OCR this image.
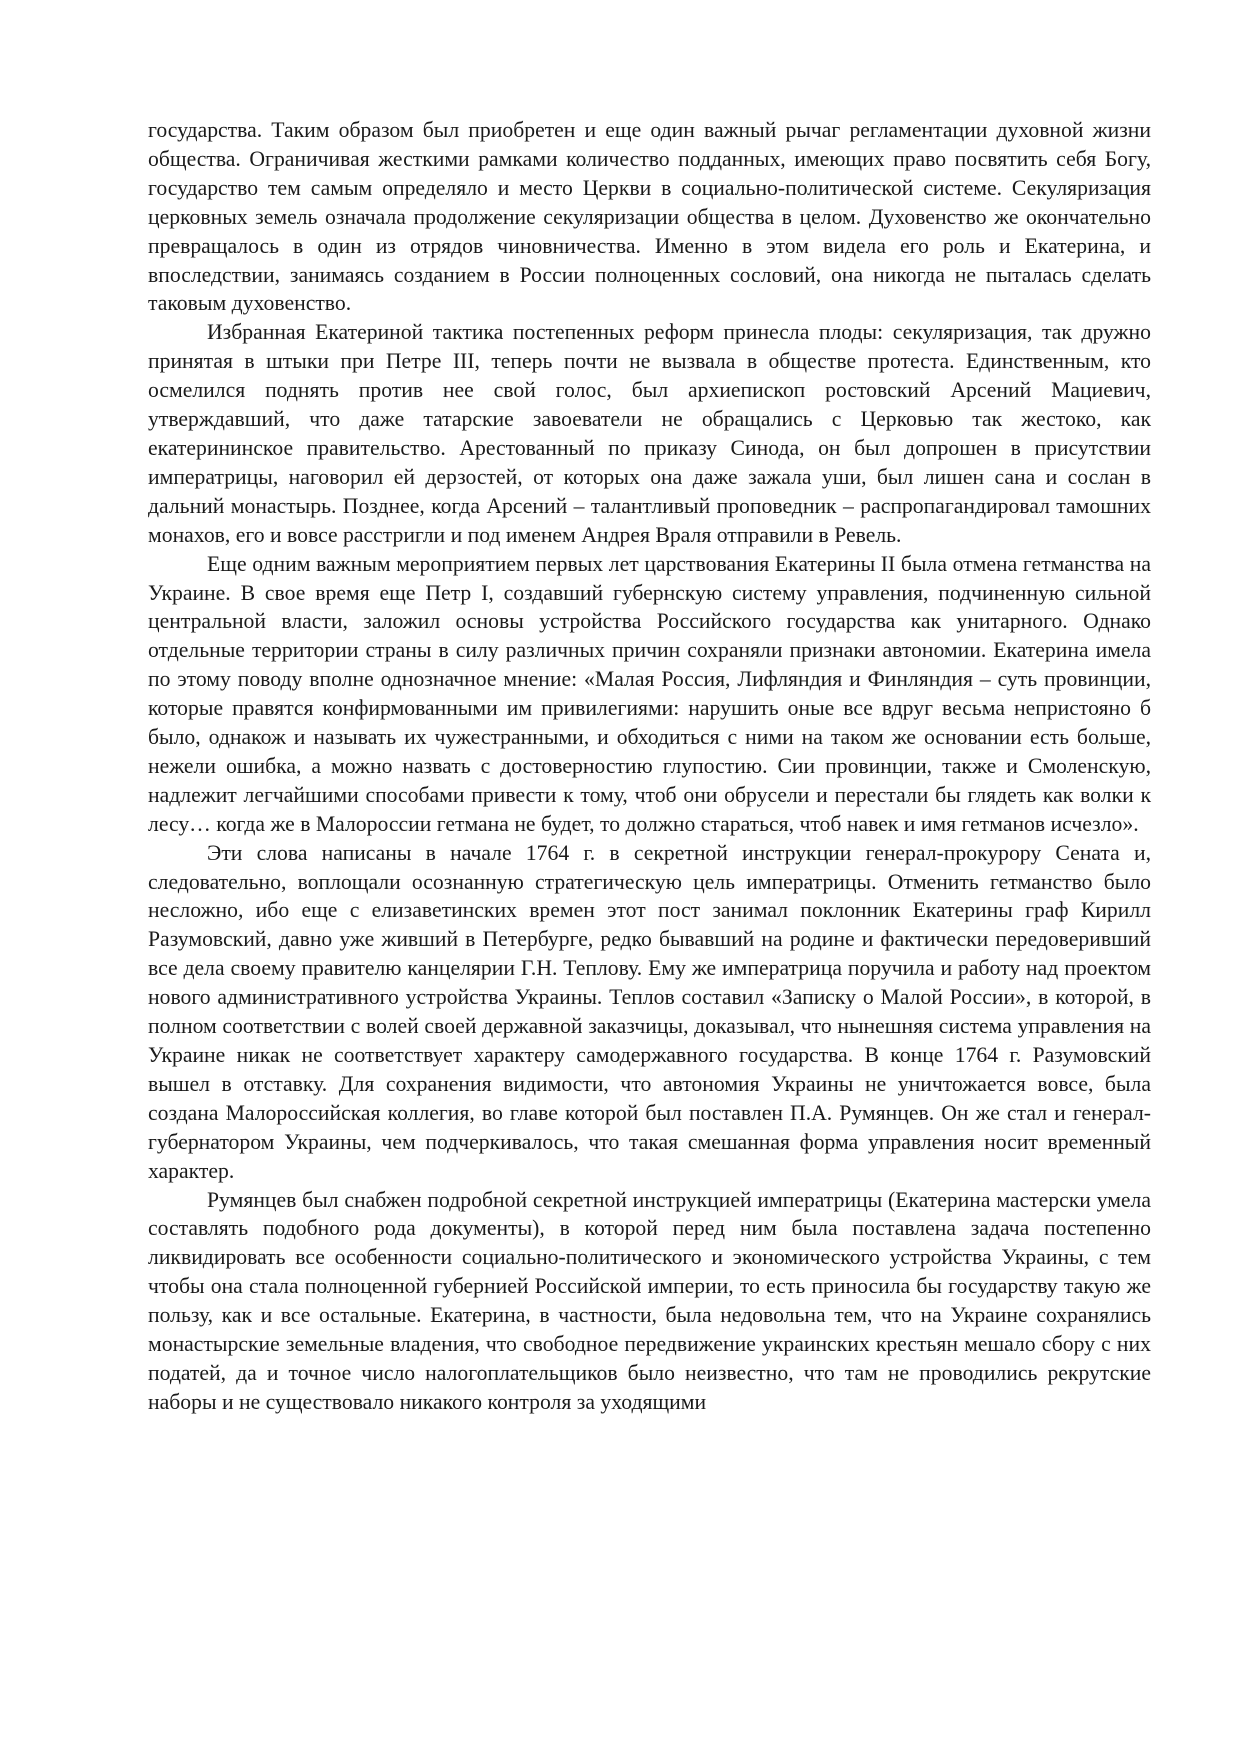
государства. Таким образом был приобретен и еще один важный рычаг регламентации духовной жизни общества. Ограничивая жесткими рамками количество подданных, имеющих право посвятить себя Богу, государство тем самым определяло и место Церкви в социально-политической системе. Секуляризация церковных земель означала продолжение секуляризации общества в целом. Духовенство же окончательно превращалось в один из отрядов чиновничества. Именно в этом видела его роль и Екатерина, и впоследствии, занимаясь созданием в России полноценных сословий, она никогда не пыталась сделать таковым духовенство.

Избранная Екатериной тактика постепенных реформ принесла плоды: секуляризация, так дружно принятая в штыки при Петре III, теперь почти не вызвала в обществе протеста. Единственным, кто осмелился поднять против нее свой голос, был архиепископ ростовский Арсений Мациевич, утверждавший, что даже татарские завоеватели не обращались с Церковью так жестоко, как екатерининское правительство. Арестованный по приказу Синода, он был допрошен в присутствии императрицы, наговорил ей дерзостей, от которых она даже зажала уши, был лишен сана и сослан в дальний монастырь. Позднее, когда Арсений – талантливый проповедник – распропагандировал тамошних монахов, его и вовсе расстригли и под именем Андрея Враля отправили в Ревель.

Еще одним важным мероприятием первых лет царствования Екатерины II была отмена гетманства на Украине. В свое время еще Петр I, создавший губернскую систему управления, подчиненную сильной центральной власти, заложил основы устройства Российского государства как унитарного. Однако отдельные территории страны в силу различных причин сохраняли признаки автономии. Екатерина имела по этому поводу вполне однозначное мнение: «Малая Россия, Лифляндия и Финляндия – суть провинции, которые правятся конфирмованными им привилегиями: нарушить оные все вдруг весьма непристояно б было, однакож и называть их чужестранными, и обходиться с ними на таком же основании есть больше, нежели ошибка, а можно назвать с достоверностию глупостию. Сии провинции, также и Смоленскую, надлежит легчайшими способами привести к тому, чтоб они обрусели и перестали бы глядеть как волки к лесу… когда же в Малороссии гетмана не будет, то должно стараться, чтоб навек и имя гетманов исчезло».

Эти слова написаны в начале 1764 г. в секретной инструкции генерал-прокурору Сената и, следовательно, воплощали осознанную стратегическую цель императрицы. Отменить гетманство было несложно, ибо еще с елизаветинских времен этот пост занимал поклонник Екатерины граф Кирилл Разумовский, давно уже живший в Петербурге, редко бывавший на родине и фактически передоверивший все дела своему правителю канцелярии Г.Н. Теплову. Ему же императрица поручила и работу над проектом нового административного устройства Украины. Теплов составил «Записку о Малой России», в которой, в полном соответствии с волей своей державной заказчицы, доказывал, что нынешняя система управления на Украине никак не соответствует характеру самодержавного государства. В конце 1764 г. Разумовский вышел в отставку. Для сохранения видимости, что автономия Украины не уничтожается вовсе, была создана Малороссийская коллегия, во главе которой был поставлен П.А. Румянцев. Он же стал и генерал-губернатором Украины, чем подчеркивалось, что такая смешанная форма управления носит временный характер.

Румянцев был снабжен подробной секретной инструкцией императрицы (Екатерина мастерски умела составлять подобного рода документы), в которой перед ним была поставлена задача постепенно ликвидировать все особенности социально-политического и экономического устройства Украины, с тем чтобы она стала полноценной губернией Российской империи, то есть приносила бы государству такую же пользу, как и все остальные. Екатерина, в частности, была недовольна тем, что на Украине сохранялись монастырские земельные владения, что свободное передвижение украинских крестьян мешало сбору с них податей, да и точное число налогоплательщиков было неизвестно, что там не проводились рекрутские наборы и не существовало никакого контроля за уходящими
